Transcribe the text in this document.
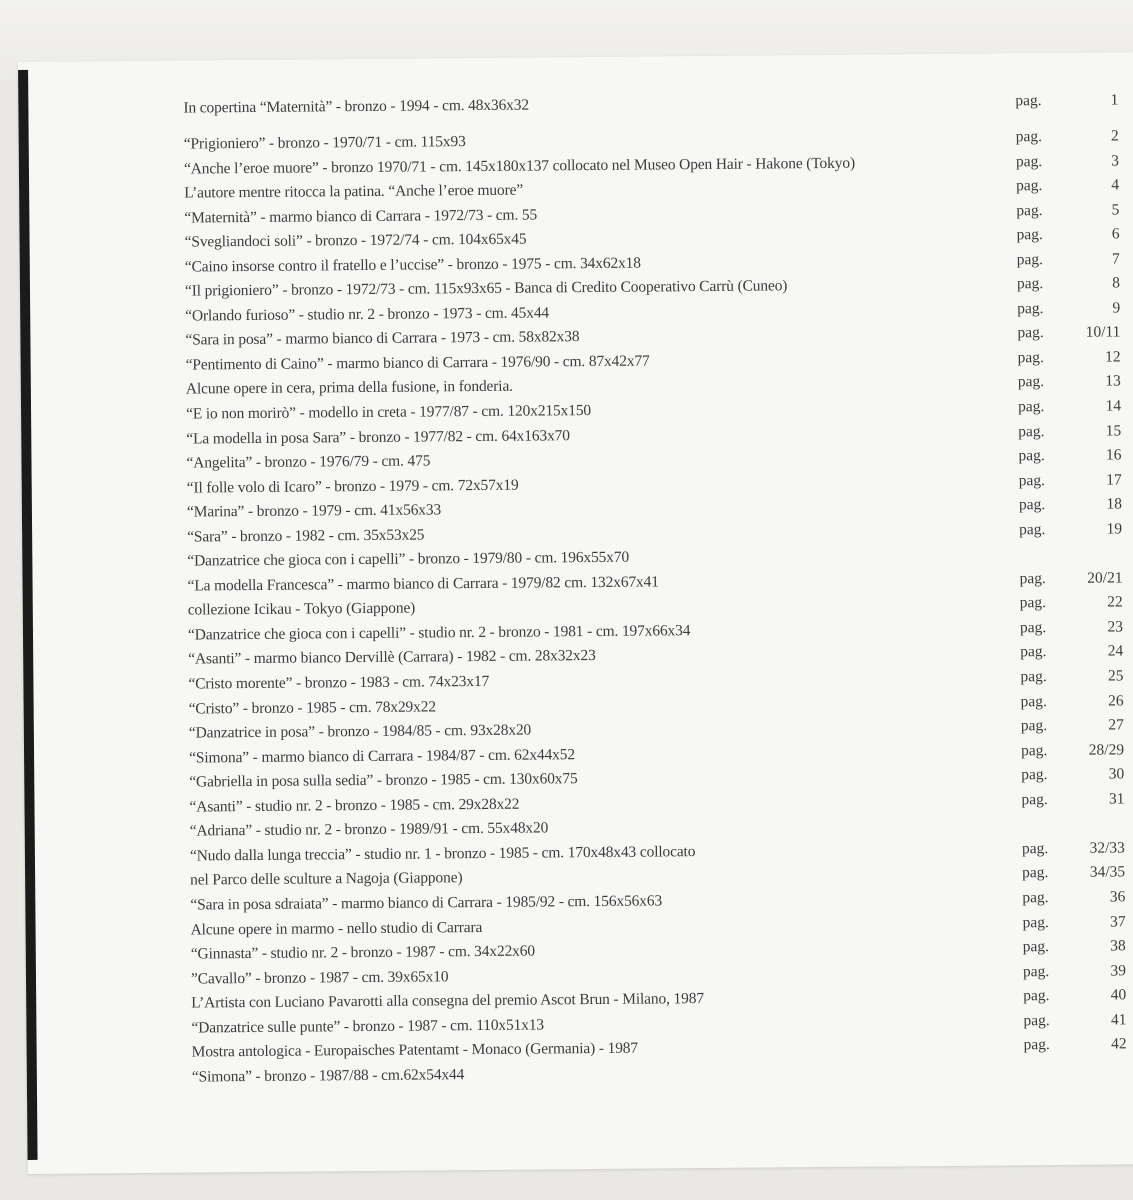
In copertina “Maternità” - bronzo - 1994 - cm. 48x36x32	pag.	1
“Prigioniero” - bronzo - 1970/71 - cm. 115x93	pag.	2
“Anche l’eroe muore” - bronzo 1970/71 - cm. 145x180x137 collocato nel Museo Open Hair - Hakone (Tokyo)	pag.	3
L’autore mentre ritocca la patina. “Anche l’eroe muore”	pag.	4
“Maternità” - marmo bianco di Carrara - 1972/73 - cm. 55	pag.	5
“Svegliandoci soli” - bronzo - 1972/74 - cm. 104x65x45	pag.	6
“Caino insorse contro il fratello e l’uccise” - bronzo - 1975 - cm. 34x62x18	pag.	7
“Il prigioniero” - bronzo - 1972/73 - cm. 115x93x65 - Banca di Credito Cooperativo Carrù (Cuneo)	pag.	8
“Orlando furioso” - studio nr. 2 - bronzo - 1973 - cm. 45x44	pag.	9
“Sara in posa” - marmo bianco di Carrara - 1973 - cm. 58x82x38	pag.	10/11
“Pentimento di Caino” - marmo bianco di Carrara - 1976/90 - cm. 87x42x77	pag.	12
Alcune opere in cera, prima della fusione, in fonderia.	pag.	13
“E io non morirò” - modello in creta - 1977/87 - cm. 120x215x150	pag.	14
“La modella in posa Sara” - bronzo - 1977/82 - cm. 64x163x70	pag.	15
“Angelita” - bronzo - 1976/79 - cm. 475	pag.	16
“Il folle volo di Icaro” - bronzo - 1979 - cm. 72x57x19	pag.	17
“Marina” - bronzo - 1979 - cm. 41x56x33	pag.	18
“Sara” - bronzo - 1982 - cm. 35x53x25	pag.	19
“Danzatrice che gioca con i capelli” - bronzo - 1979/80 - cm. 196x55x70
“La modella Francesca” - marmo bianco di Carrara - 1979/82 cm. 132x67x41	pag.	20/21
collezione Icikau - Tokyo (Giappone)	pag.	22
“Danzatrice che gioca con i capelli” - studio nr. 2 - bronzo - 1981 - cm. 197x66x34	pag.	23
“Asanti” - marmo bianco Dervillè (Carrara) - 1982 - cm. 28x32x23	pag.	24
“Cristo morente” - bronzo - 1983 - cm. 74x23x17	pag.	25
“Cristo” - bronzo - 1985 - cm. 78x29x22	pag.	26
“Danzatrice in posa” - bronzo - 1984/85 - cm. 93x28x20	pag.	27
“Simona” - marmo bianco di Carrara - 1984/87 - cm. 62x44x52	pag.	28/29
“Gabriella in posa sulla sedia” - bronzo - 1985 - cm. 130x60x75	pag.	30
“Asanti” - studio nr. 2 - bronzo - 1985 - cm. 29x28x22	pag.	31
“Adriana” - studio nr. 2 - bronzo - 1989/91 - cm. 55x48x20
“Nudo dalla lunga treccia” - studio nr. 1 - bronzo - 1985 - cm. 170x48x43 collocato	pag.	32/33
nel Parco delle sculture a Nagoja (Giappone)	pag.	34/35
“Sara in posa sdraiata” - marmo bianco di Carrara - 1985/92 - cm. 156x56x63	pag.	36
Alcune opere in marmo - nello studio di Carrara	pag.	37
“Ginnasta” - studio nr. 2 - bronzo - 1987 - cm. 34x22x60	pag.	38
”Cavallo” - bronzo - 1987 - cm. 39x65x10	pag.	39
L’Artista con Luciano Pavarotti alla consegna del premio Ascot Brun - Milano, 1987	pag.	40
“Danzatrice sulle punte” - bronzo - 1987 - cm. 110x51x13	pag.	41
Mostra antologica - Europaisches Patentamt - Monaco (Germania) - 1987	pag.	42
“Simona” - bronzo - 1987/88 - cm.62x54x44
